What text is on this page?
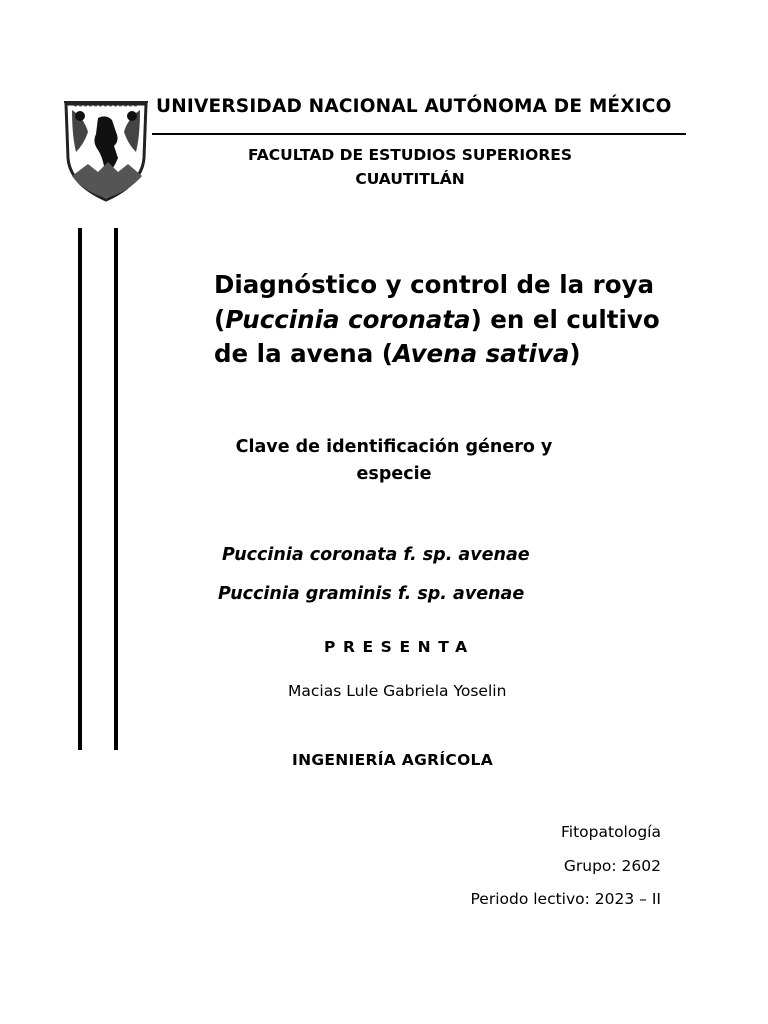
UNIVERSIDAD NACIONAL AUTÓNOMA DE MÉXICO
FACULTAD DE ESTUDIOS SUPERIORES
CUAUTITLÁN
Diagnóstico y control de la roya (Puccinia coronata) en el cultivo de la avena (Avena sativa)
Clave de identificación género y especie
Puccinia coronata f. sp. avenae
Puccinia graminis f. sp. avenae
PRESENTA
Macias Lule Gabriela Yoselin
INGENIERÍA AGRÍCOLA
Fitopatología
Grupo: 2602
Periodo lectivo: 2023 – II
